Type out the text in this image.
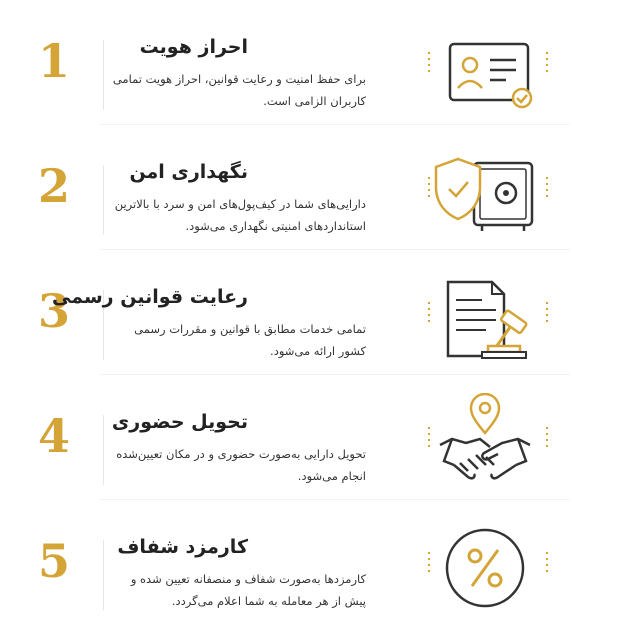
1	احراز هویت
برای حفظ امنیت و رعایت قوانین، احراز هویت تمامی کاربران الزامی است.
2	نگهداری امن
دارایی‌های شما در کیف‌پول‌های امن و سرد با بالاترین استانداردهای امنیتی نگهداری می‌شود.
3
رعایت قوانین رسمی
تمامی خدمات مطابق با قوانین و مقررات رسمی کشور ارائه می‌شود.
4 تحویل حضوری
تحویل دارایی به‌صورت حضوری و در مکان تعیین‌شده انجام می‌شود.
5 کارمزد شفاف
کارمزدها به‌صورت شفاف و منصفانه تعیین شده و پیش از هر معامله به شما اعلام می‌گردد.
